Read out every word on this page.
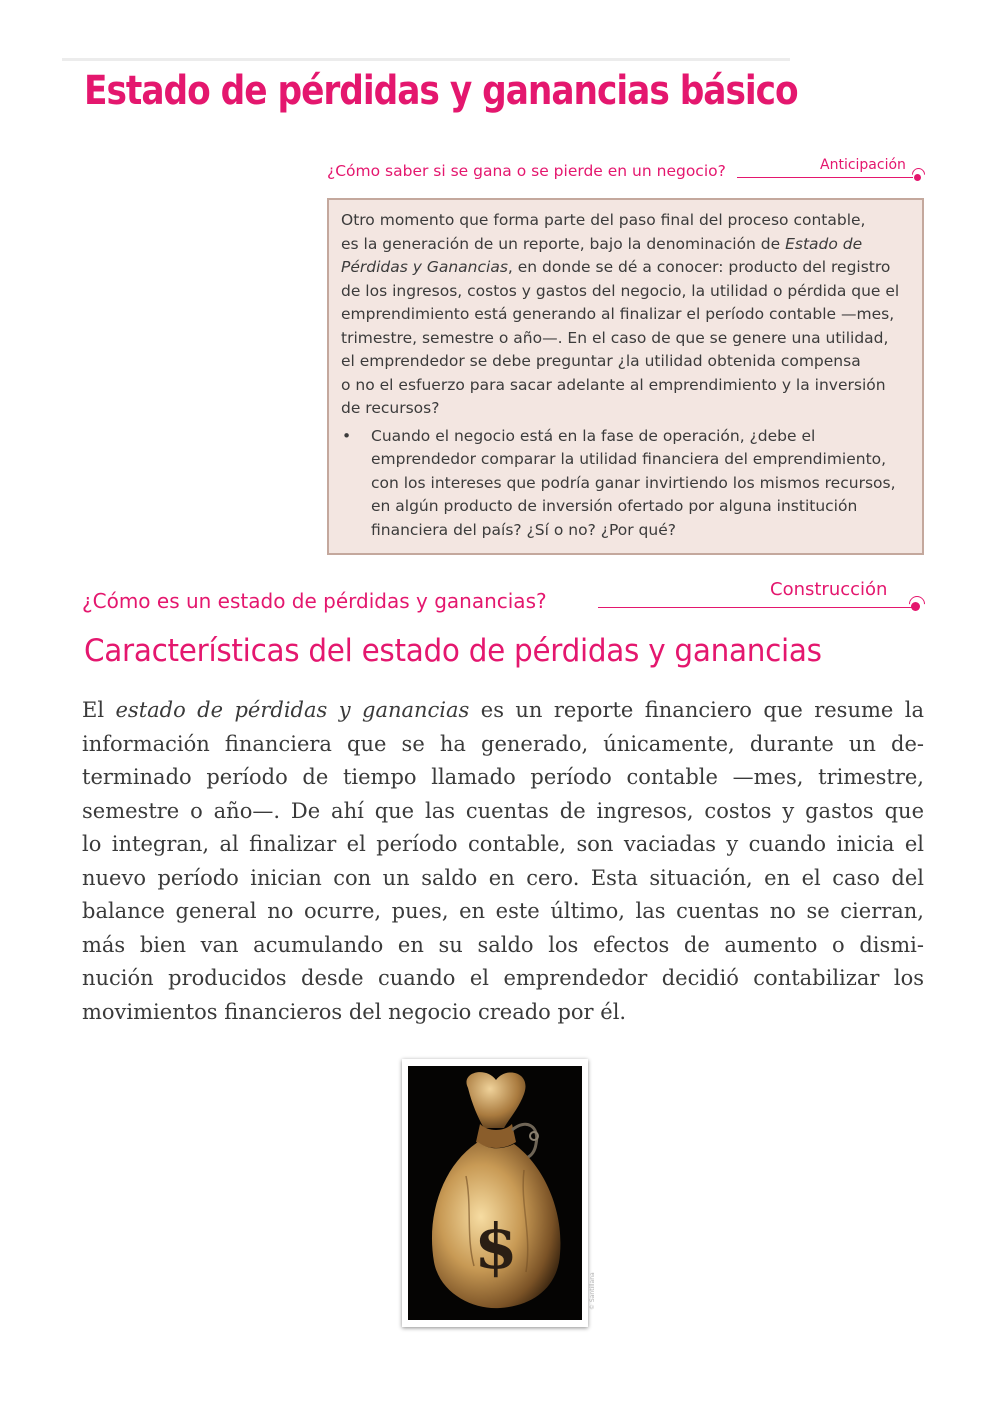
Estado de pérdidas y ganancias básico
¿Cómo saber si se gana o se pierde en un negocio?	Anticipación
Otro momento que forma parte del paso final del proceso contable,
es la generación de un reporte, bajo la denominación de Estado de
Pérdidas y Ganancias, en donde se dé a conocer: producto del registro
de los ingresos, costos y gastos del negocio, la utilidad o pérdida que el
emprendimiento está generando al finalizar el período contable —mes,
trimestre, semestre o año—. En el caso de que se genere una utilidad,
el emprendedor se debe preguntar ¿la utilidad obtenida compensa
o no el esfuerzo para sacar adelante al emprendimiento y la inversión
de recursos?
• Cuando el negocio está en la fase de operación, ¿debe el
emprendedor comparar la utilidad financiera del emprendimiento,
con los intereses que podría ganar invirtiendo los mismos recursos,
en algún producto de inversión ofertado por alguna institución
financiera del país? ¿Sí o no? ¿Por qué?
¿Cómo es un estado de pérdidas y ganancias?	Construcción
Características del estado de pérdidas y ganancias

El estado de pérdidas y ganancias es un reporte financiero que resume la
información financiera que se ha generado, únicamente, durante un de-
terminado período de tiempo llamado período contable —mes, trimestre,
semestre o año—. De ahí que las cuentas de ingresos, costos y gastos que
lo integran, al finalizar el período contable, son vaciadas y cuando inicia el
nuevo período inician con un saldo en cero. Esta situación, en el caso del
balance general no ocurre, pues, en este último, las cuentas no se cierran,
más bien van acumulando en su saldo los efectos de aumento o dismi-
nución producidos desde cuando el emprendedor decidió contabilizar los
movimientos financieros del negocio creado por él.

$
© Santillana
